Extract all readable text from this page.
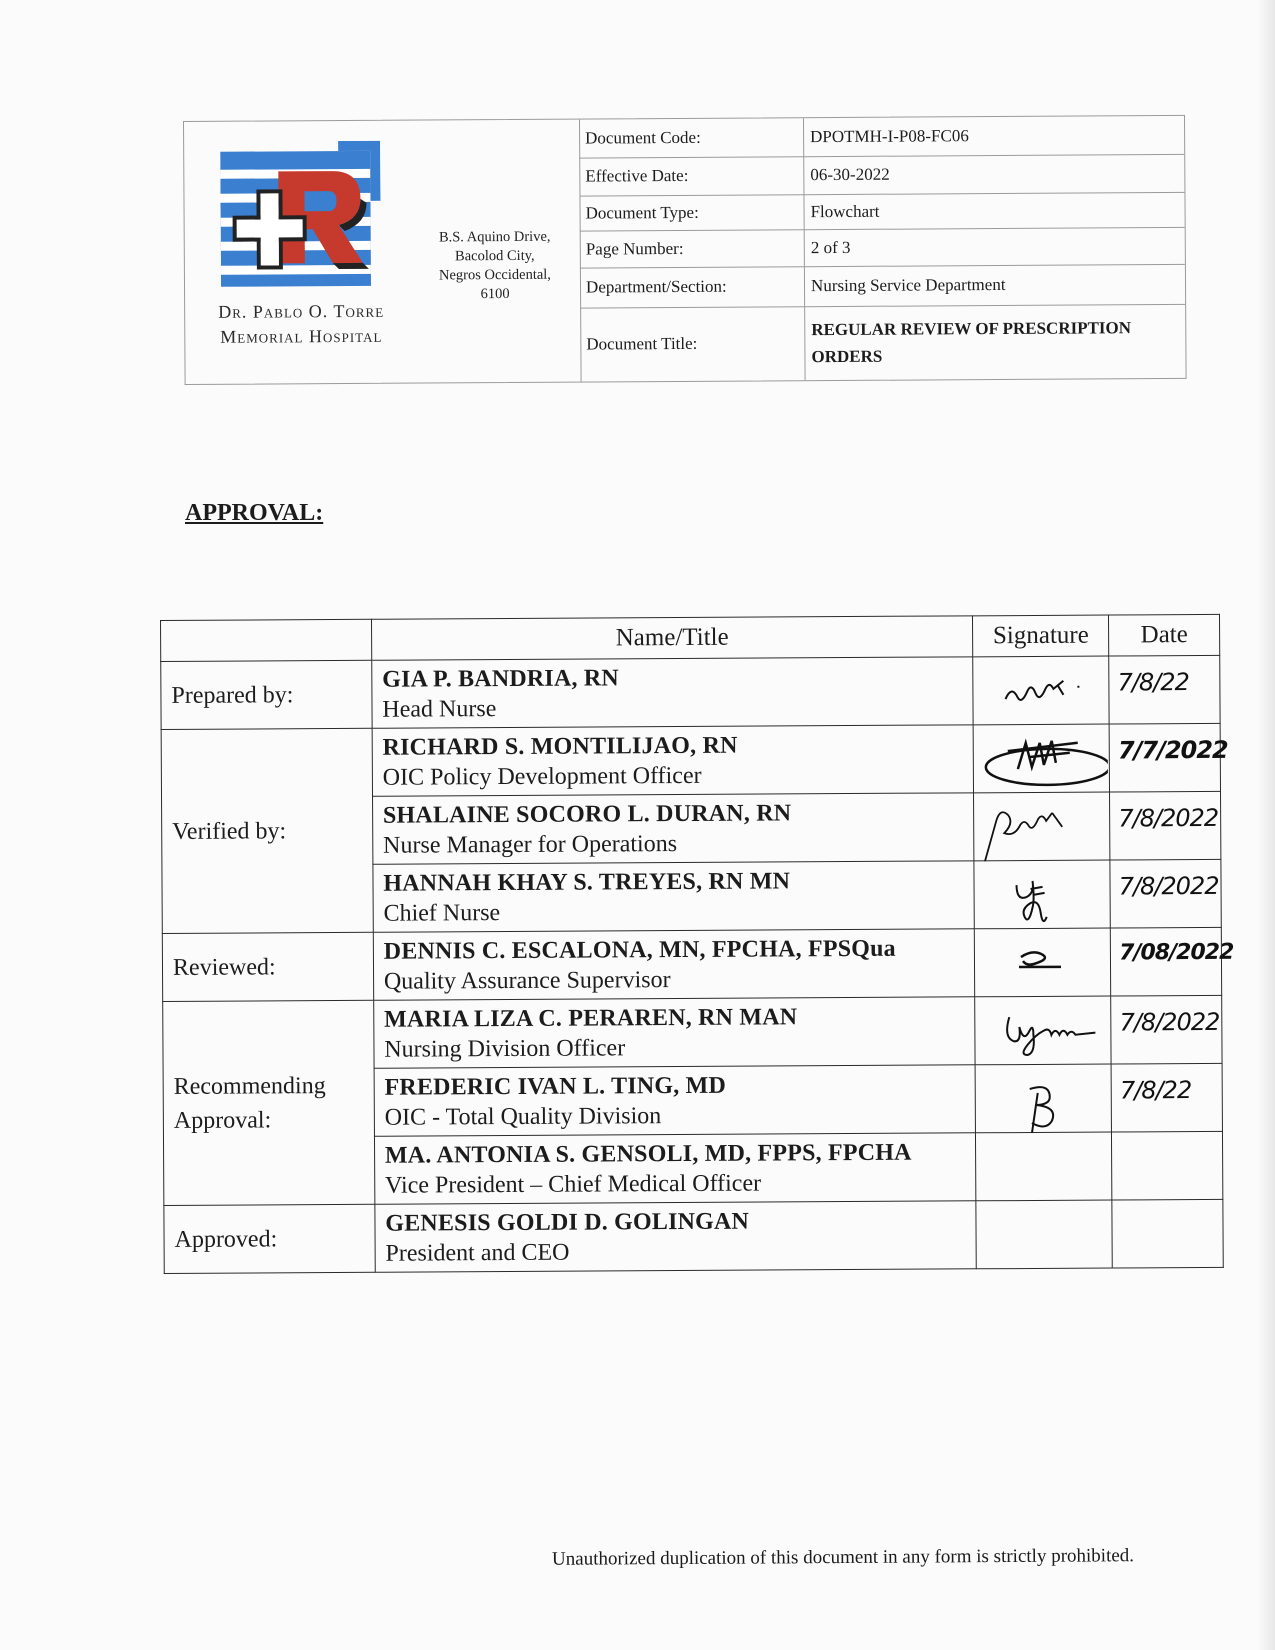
Dr. Pablo O. Torre
Memorial Hospital
B.S. Aquino Drive,
Bacolod City,
Negros Occidental,
6100
Document Code:	DPOTMH-I-P08-FC06
Effective Date:	06-30-2022
Document Type:	Flowchart
Page Number:	2 of 3
Department/Section:	Nursing Service Department
Document Title:	REGULAR REVIEW OF PRESCRIPTION ORDERS
APPROVAL:
	Name/Title	Signature	Date
Prepared by:	GIA P. BANDRIA, RN
Head Nurse		7/8/22

Verified by:	RICHARD S. MONTILIJAO, RN
OIC Policy Development Officer		7/7/2022

	SHALAINE SOCORO L. DURAN, RN
Nurse Manager for Operations		7/8/2022

	HANNAH KHAY S. TREYES, RN MN
Chief Nurse		7/8/2022

Reviewed:	DENNIS C. ESCALONA, MN, FPCHA, FPSQua
Quality Assurance Supervisor		7/08/2022

Recommending
Approval:	MARIA LIZA C. PERAREN, RN MAN
Nursing Division Officer		7/8/2022

	FREDERIC IVAN L. TING, MD
OIC - Total Quality Division		7/8/22

	MA. ANTONIA S. GENSOLI, MD, FPPS, FPCHA
Vice President – Chief Medical Officer		

Approved:	GENESIS GOLDI D. GOLINGAN
President and CEO		

Unauthorized duplication of this document in any form is strictly prohibited.
